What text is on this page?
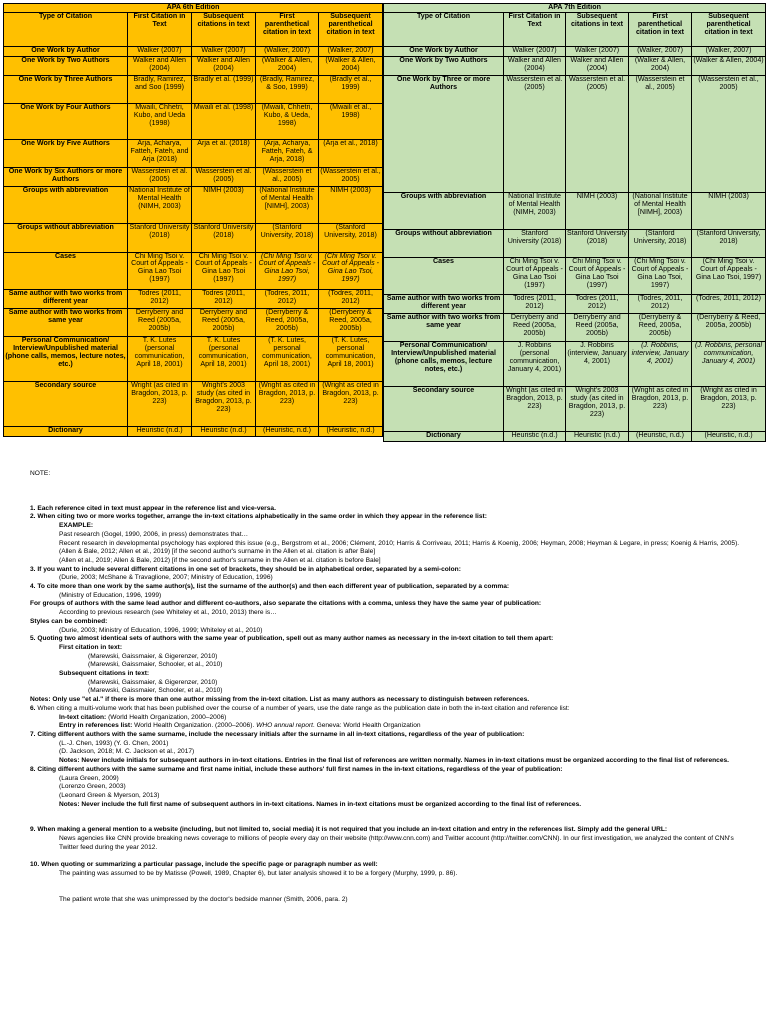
APA 6th Edition				
Type of Citation	First Citation in Text	Subsequent citations in text	First parenthetical citation in text	Subsequent parenthetical citation in text
One Work by Author	Walker (2007)	Walker (2007)	(Walker, 2007)	(Walker, 2007)
One Work by Two Authors	Walker and Allen (2004)	Walker and Allen (2004)	(Walker & Allen, 2004)	(Walker & Allen, 2004)
One Work by Three Authors	Bradly, Ramirez, and Soo (1999)	Bradly et al. (1999)	(Bradly, Ramirez, & Soo, 1999)	(Bradly et al., 1999)
One Work by Four Authors	Mwaili, Chhetri, Kubo, and Ueda (1998)	Mwaili et al. (1998)	(Mwaili, Chhetri, Kubo, & Ueda, 1998)	(Mwaili et al., 1998)
One Work by Five Authors	Arja, Acharya, Fatteh, Fateh, and Arja (2018)	Arja et al. (2018)	(Arja, Acharya, Fatteh, Fateh, & Arja, 2018)	(Arja et al., 2018)
One Work by Six Authors or more Authors	Wasserstein et al. (2005)	Wasserstein et al. (2005)	(Wasserstein et al., 2005)	(Wasserstein et al., 2005)
Groups with abbreviation	National Institute of Mental Health (NIMH, 2003)	NIMH (2003)	(National Institute of Mental Health [NIMH], 2003)	NIMH (2003)
Groups without abbreviation	Stanford University (2018)	Stanford University (2018)	(Stanford University, 2018)	(Stanford University, 2018)
Cases	Chi Ming Tsoi v. Court of Appeals - Gina Lao Tsoi (1997)	Chi Ming Tsoi v. Court of Appeals - Gina Lao Tsoi (1997)	(Chi Ming Tsoi v. Court of Appeals - Gina Lao Tsoi, 1997)	(Chi Ming Tsoi v. Court of Appeals - Gina Lao Tsoi, 1997)
Same author with two works from different year	Todres (2011, 2012)	Todres (2011, 2012)	(Todres, 2011, 2012)	(Todres, 2011, 2012)
Same author with two works from same year	Derryberry and Reed (2005a, 2005b)	Derryberry and Reed (2005a, 2005b)	(Derryberry & Reed, 2005a, 2005b)	(Derryberry & Reed, 2005a, 2005b)
Personal Communication/ Interview/Unpublished material (phone calls, memos, lecture notes, etc.)	T. K. Lutes (personal communication, April 18, 2001)	T. K. Lutes (personal communication, April 18, 2001)	(T. K. Lutes, personal communication, April 18, 2001)	(T. K. Lutes, personal communication, April 18, 2001)
Secondary source	Wright (as cited in Bragdon, 2013, p. 223)	Wright's 2003 study (as cited in Bragdon, 2013, p. 223)	(Wright as cited in Bragdon, 2013, p. 223)	(Wright as cited in Bragdon, 2013, p. 223)
Dictionary	Heuristic (n.d.)	Heuristic (n.d.)	(Heuristic, n.d.)	(Heuristic, n.d.)
APA 7th Edition				
Type of Citation	First Citation in Text	Subsequent citations in text	First parenthetical citation in text	Subsequent parenthetical citation in text
One Work by Author	Walker (2007)	Walker (2007)	(Walker, 2007)	(Walker, 2007)
One Work by Two Authors	Walker and Allen (2004)	Walker and Allen (2004)	(Walker & Allen, 2004)	(Walker & Allen, 2004)
One Work by Three or more Authors	Wasserstein et al. (2005)	Wasserstein et al. (2005)	(Wasserstein et al., 2005)	(Wasserstein et al., 2005)
Groups with abbreviation	National Institute of Mental Health (NIMH, 2003)	NIMH (2003)	(National Institute of Mental Health [NIMH], 2003)	NIMH (2003)
Groups without abbreviation	Stanford University (2018)	Stanford University (2018)	(Stanford University, 2018)	(Stanford University, 2018)
Cases	Chi Ming Tsoi v. Court of Appeals - Gina Lao Tsoi (1997)	Chi Ming Tsoi v. Court of Appeals - Gina Lao Tsoi (1997)	(Chi Ming Tsoi v. Court of Appeals - Gina Lao Tsoi, 1997)	(Chi Ming Tsoi v. Court of Appeals - Gina Lao Tsoi, 1997)
Same author with two works from different year	Todres (2011, 2012)	Todres (2011, 2012)	(Todres, 2011, 2012)	(Todres, 2011, 2012)
Same author with two works from same year	Derryberry and Reed (2005a, 2005b)	Derryberry and Reed (2005a, 2005b)	(Derryberry & Reed, 2005a, 2005b)	(Derryberry & Reed, 2005a, 2005b)
Personal Communication/ Interview/Unpublished material (phone calls, memos, lecture notes, etc.)	J. Robbins (personal communication, January 4, 2001)	J. Robbins (interview, January 4, 2001)	(J. Robbins, interview, January 4, 2001)	(J. Robbins, personal communication, January 4, 2001)
Secondary source	Wright (as cited in Bragdon, 2013, p. 223)	Wright's 2003 study (as cited in Bragdon, 2013, p. 223)	(Wright as cited in Bragdon, 2013, p. 223)	(Wright as cited in Bragdon, 2013, p. 223)
Dictionary	Heuristic (n.d.)	Heuristic (n.d.)	(Heuristic, n.d.)	(Heuristic, n.d.)

NOTE:

1. Each reference cited in text must appear in the reference list and vice-versa.

2. When citing two or more works together, arrange the in-text citations alphabetically in the same order in which they appear in the reference list:

EXAMPLE:

Past research (Gogel, 1990, 2006, in press) demonstrates that…

Recent research in developmental psychology has explored this issue (e.g., Bergstrom et al., 2006; Clément, 2010; Harris & Corriveau, 2011; Harris & Koenig, 2006; Heyman, 2008; Heyman & Legare, in press; Koenig & Harris, 2005).

(Allen & Bale, 2012; Allen et al., 2019) [if the second author's surname in the Allen et al. citation is after Bale]

(Allen et al., 2019; Allen & Bale, 2012) [if the second author's surname in the Allen et al. citation is before Bale]

3. If you want to include several different citations in one set of brackets, they should be in alphabetical order, separated by a semi-colon:

(Durie, 2003; McShane & Travaglione, 2007; Ministry of Education, 1996)

4. To cite more than one work by the same author(s), list the surname of the author(s) and then each different year of publication, separated by a comma:

(Ministry of Education, 1996, 1999)

For groups of authors with the same lead author and different co-authors, also separate the citations with a comma, unless they have the same year of publication:

According to previous research (see Whiteley et al., 2010, 2013) there is…

Styles can be combined:

(Durie, 2003; Ministry of Education, 1996, 1999; Whiteley et al., 2010)

5. Quoting two almost identical sets of authors with the same year of publication, spell out as many author names as necessary in the in-text citation to tell them apart:

First citation in text:

(Marewski, Gaissmaier, & Gigerenzer, 2010)

(Marewski, Gaissmaier, Schooler, et al., 2010)

Subsequent citations in text:

(Marewski, Gaissmaier, & Gigerenzer, 2010)

(Marewski, Gaissmaier, Schooler, et al., 2010)

Notes: Only use "et al." if there is more than one author missing from the in-text citation. List as many authors as necessary to distinguish between references.

6. When citing a multi-volume work that has been published over the course of a number of years, use the date range as the publication date in both the in-text citation and reference list:

In-text citation: (World Health Organization, 2000–2006)

Entry in references list: World Health Organization. (2000–2006). WHO annual report. Geneva: World Health Organization

7. Citing different authors with the same surname, include the necessary initials after the surname in all in-text citations, regardless of the year of publication:

(L.-J. Chen, 1993) (Y. G. Chen, 2001)

(D. Jackson, 2018; M. C. Jackson et al., 2017)

Notes: Never include initials for subsequent authors in in-text citations. Entries in the final list of references are written normally. Names in in-text citations must be organized according to the final list of references.

8. Citing different authors with the same surname and first name initial, include these authors' full first names in the in-text citations, regardless of the year of publication:

(Laura Green, 2009)

(Lorenzo Green, 2003)

(Leonard Green & Myerson, 2013)

Notes: Never include the full first name of subsequent authors in in-text citations. Names in in-text citations must be organized according to the final list of references.

9. When making a general mention to a website (including, but not limited to, social media) it is not required that you include an in-text citation and entry in the references list. Simply add the general URL:

News agencies like CNN provide breaking news coverage to millions of people every day on their website (http://www.cnn.com) and Twitter account (http://twitter.com/CNN). In our first investigation, we analyzed the content of CNN's Twitter feed during the year 2012.

10. When quoting or summarizing a particular passage, include the specific page or paragraph number as well:

The painting was assumed to be by Matisse (Powell, 1989, Chapter 6), but later analysis showed it to be a forgery (Murphy, 1999, p. 86).

The patient wrote that she was unimpressed by the doctor's bedside manner (Smith, 2006, para. 2)
